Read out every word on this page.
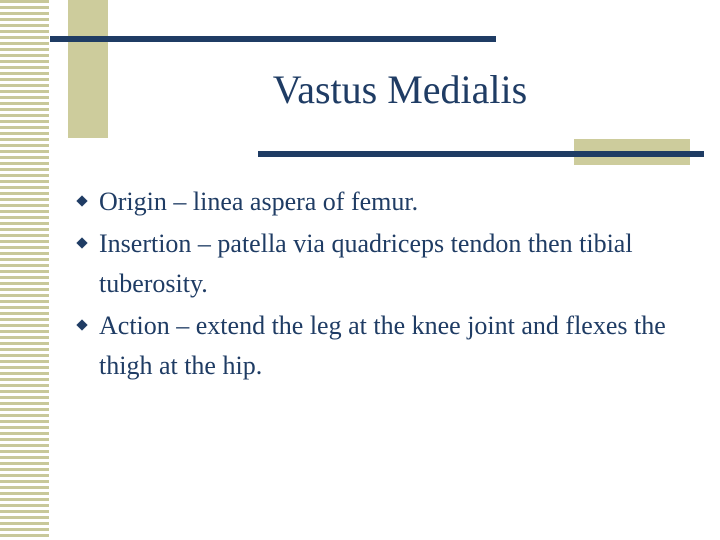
Vastus Medialis
Origin – linea aspera of femur.
Insertion – patella via quadriceps tendon then tibial tuberosity.
Action – extend the leg at the knee joint and flexes the thigh at the hip.
